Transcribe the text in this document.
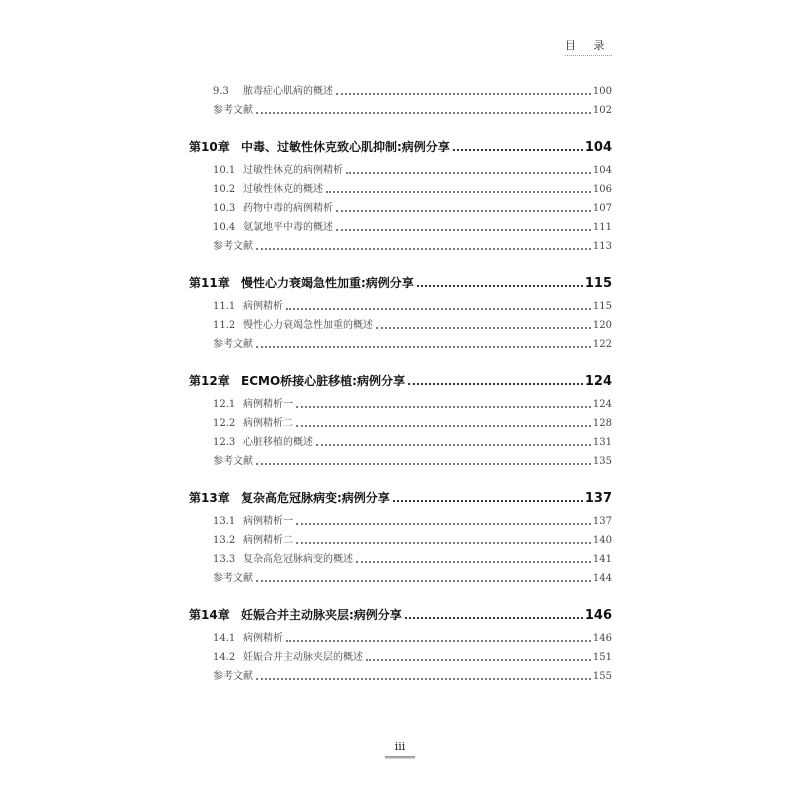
目 录
9.3	脓毒症心肌病的概述	100
参考文献	102
第10章 中毒、过敏性休克致心肌抑制:病例分享	104
10.1 过敏性休克的病例精析	104
10.2 过敏性休克的概述	106
10.3 药物中毒的病例精析	107
10.4 氨氯地平中毒的概述	111
参考文献	113
第11章 慢性心力衰竭急性加重:病例分享	115
11.1 病例精析	115
11.2 慢性心力衰竭急性加重的概述	120
参考文献	122
第12章 ECMO桥接心脏移植:病例分享	124
12.1 病例精析一	124
12.2 病例精析二	128
12.3 心脏移植的概述	131
参考文献	135
第13章 复杂高危冠脉病变:病例分享	137
13.1 病例精析一	137
13.2 病例精析二	140
13.3 复杂高危冠脉病变的概述	141
参考文献	144
第14章 妊娠合并主动脉夹层:病例分享	146
14.1 病例精析	146
14.2 妊娠合并主动脉夹层的概述	151
参考文献	155
iii
